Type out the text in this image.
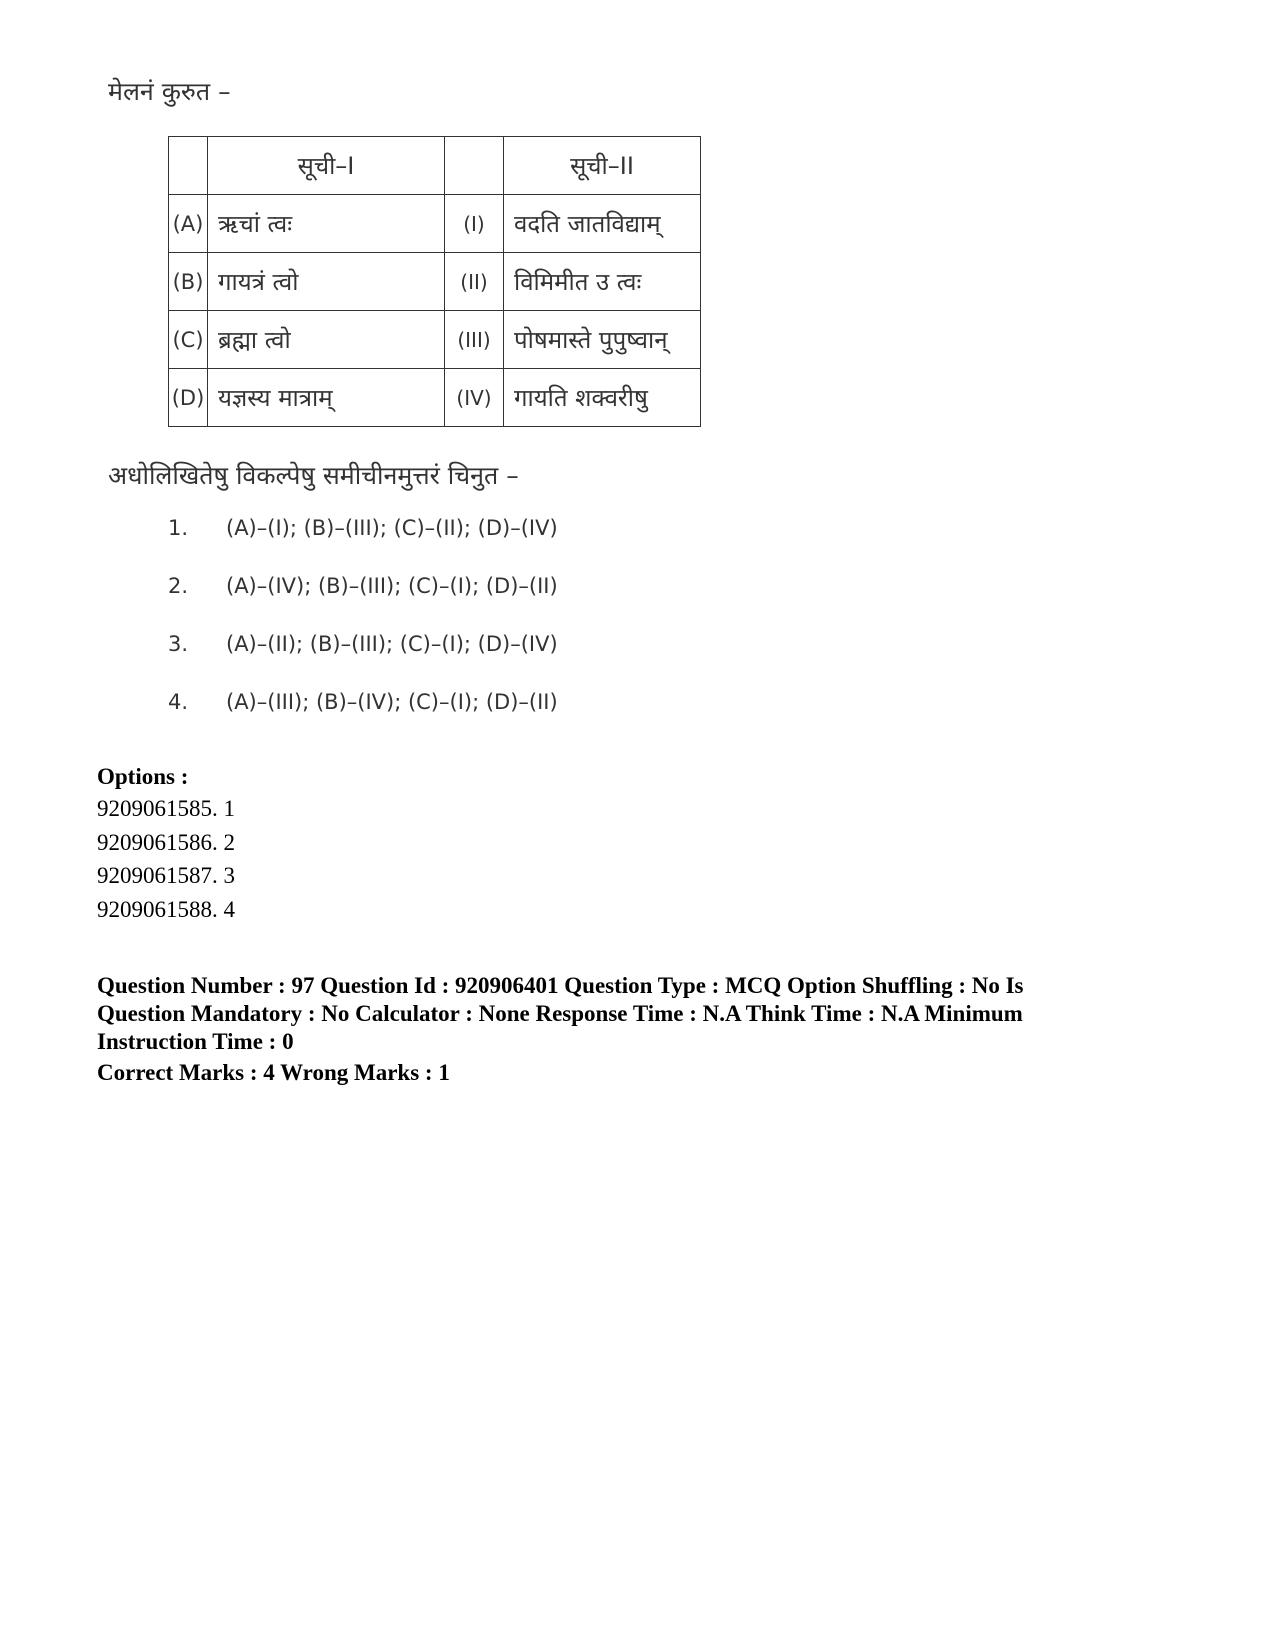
मेलनं कुरुत –
	सूची–I		सूची–II
(A)	ऋचां त्वः	(I)	वदति जातविद्याम्
(B)	गायत्रं त्वो	(II)	विमिमीत उ त्वः
(C)	ब्रह्मा त्वो	(III)	पोषमास्ते पुपुष्वान्
(D)	यज्ञस्य मात्राम्	(IV)	गायति शक्वरीषु
अधोलिखितेषु विकल्पेषु समीचीनमुत्तरं चिनुत –
1.	(A)–(I); (B)–(III); (C)–(II); (D)–(IV)
2.	(A)–(IV); (B)–(III); (C)–(I); (D)–(II)
3.	(A)–(II); (B)–(III); (C)–(I); (D)–(IV)
4.	(A)–(III); (B)–(IV); (C)–(I); (D)–(II)
Options :
9209061585. 1
9209061586. 2
9209061587. 3
9209061588. 4
Question Number : 97 Question Id : 920906401 Question Type : MCQ Option Shuffling : No Is Question Mandatory : No Calculator : None Response Time : N.A Think Time : N.A Minimum Instruction Time : 0
Correct Marks : 4 Wrong Marks : 1
